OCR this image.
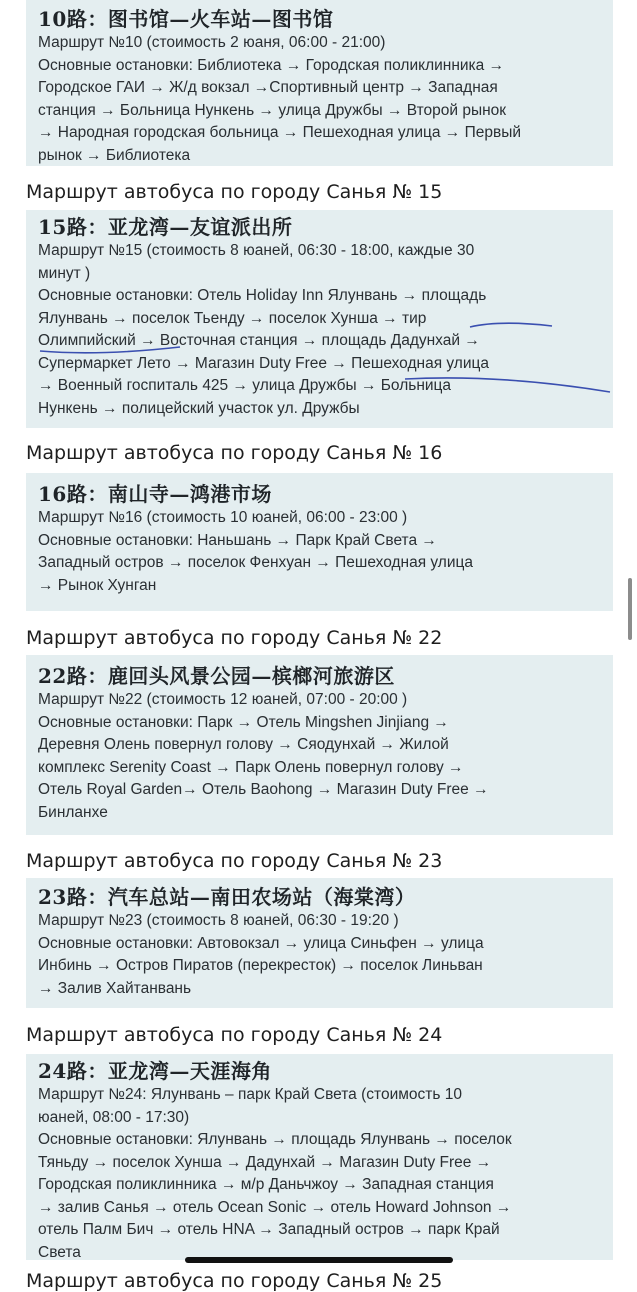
10路：图书馆—火车站—图书馆
Маршрут №10 (стоимость 2 юаня, 06:00 - 21:00)
Основные остановки: Библиотека → Городская поликлинника →
Городское ГАИ → Ж/д вокзал →Спортивный центр → Западная
станция → Больница Нункень → улица Дружбы → Второй рынок
→ Народная городская больница → Пешеходная улица → Первый
рынок → Библиотека
Маршрут автобуса по городу Санья № 15
15路：亚龙湾—友谊派出所
Маршрут №15 (стоимость 8 юаней, 06:30 - 18:00, каждые 30
минут )
Основные остановки: Отель Holiday Inn Ялунвань → площадь
Ялунвань → поселок Тьенду → поселок Хунша → тир
Олимпийский → Восточная станция → площадь Дадунхай →
Супермаркет Лето → Магазин Duty Free → Пешеходная улица
→ Военный госпиталь 425 → улица Дружбы → Больница
Нункень → полицейский участок ул. Дружбы
Маршрут автобуса по городу Санья № 16
16路：南山寺—鸿港市场
Маршрут №16 (стоимость 10 юаней, 06:00 - 23:00 )
Основные остановки: Наньшань → Парк Край Света →
Западный остров → поселок Фенхуан → Пешеходная улица
→ Рынок Хунган
Маршрут автобуса по городу Санья № 22
22路：鹿回头风景公园—槟榔河旅游区
Маршрут №22 (стоимость 12 юаней, 07:00 - 20:00 )
Основные остановки: Парк → Отель Mingshen Jinjiang →
Деревня Олень повернул голову → Сяодунхай → Жилой
комплекс Serenity Coast → Парк Олень повернул голову →
Отель Royal Garden→ Отель Baohong → Магазин Duty Free →
Бинланхе
Маршрут автобуса по городу Санья № 23
23路：汽车总站—南田农场站（海棠湾）
Маршрут №23 (стоимость 8 юаней, 06:30 - 19:20 )
Основные остановки: Автовокзал → улица Синьфен → улица
Инбинь → Остров Пиратов (перекресток) → поселок Линьван
→ Залив Хайтанвань
Маршрут автобуса по городу Санья № 24
24路：亚龙湾—天涯海角
Маршрут №24: Ялунвань – парк Край Света (стоимость 10
юаней, 08:00 - 17:30)
Основные остановки: Ялунвань → площадь Ялунвань → поселок
Тяньду → поселок Хунша → Дадунхай → Магазин Duty Free →
Городская поликлинника → м/р Даньчжоу → Западная станция
→ залив Санья → отель Ocean Sonic → отель Howard Johnson →
отель Палм Бич → отель HNA → Западный остров → парк Край
Света
Маршрут автобуса по городу Санья № 25
